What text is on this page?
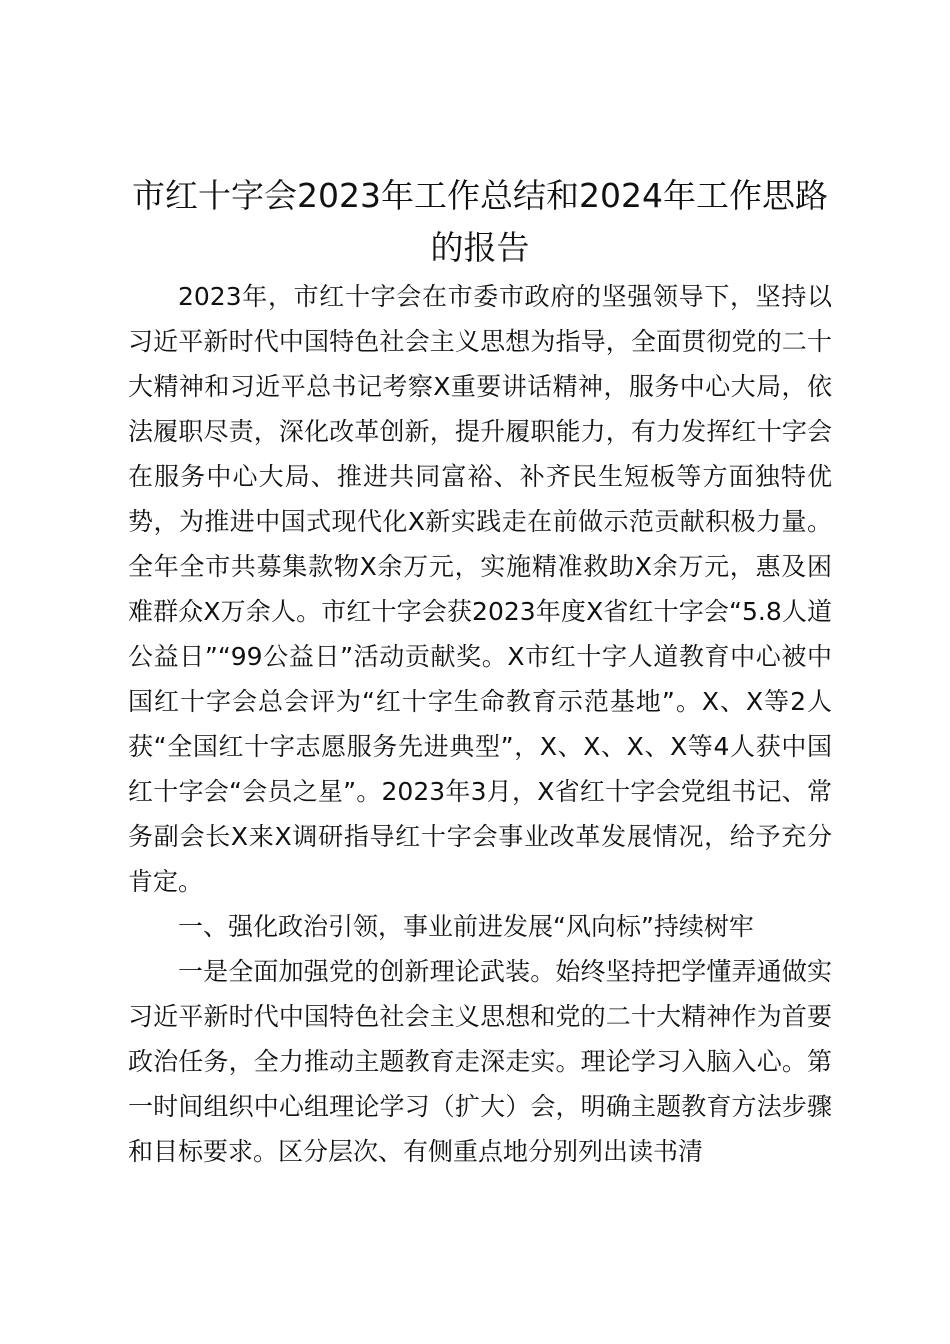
市红十字会2023年工作总结和2024年工作思路的报告

2023年，市红十字会在市委市政府的坚强领导下，坚持以习近平新时代中国特色社会主义思想为指导，全面贯彻党的二十大精神和习近平总书记考察X重要讲话精神，服务中心大局，依法履职尽责，深化改革创新，提升履职能力，有力发挥红十字会在服务中心大局、推进共同富裕、补齐民生短板等方面独特优势，为推进中国式现代化X新实践走在前做示范贡献积极力量。全年全市共募集款物X余万元，实施精准救助X余万元，惠及困难群众X万余人。市红十字会获2023年度X省红十字会“5.8人道公益日”“99公益日”活动贡献奖。X市红十字人道教育中心被中国红十字会总会评为“红十字生命教育示范基地”。X、X等2人获“全国红十字志愿服务先进典型”，X、X、X、X等4人获中国红十字会“会员之星”。2023年3月，X省红十字会党组书记、常务副会长X来X调研指导红十字会事业改革发展情况，给予充分肯定。

一、强化政治引领，事业前进发展“风向标”持续树牢

一是全面加强党的创新理论武装。始终坚持把学懂弄通做实习近平新时代中国特色社会主义思想和党的二十大精神作为首要政治任务，全力推动主题教育走深走实。理论学习入脑入心。第一时间组织中心组理论学习（扩大）会，明确主题教育方法步骤和目标要求。区分层次、有侧重点地分别列出读书清
